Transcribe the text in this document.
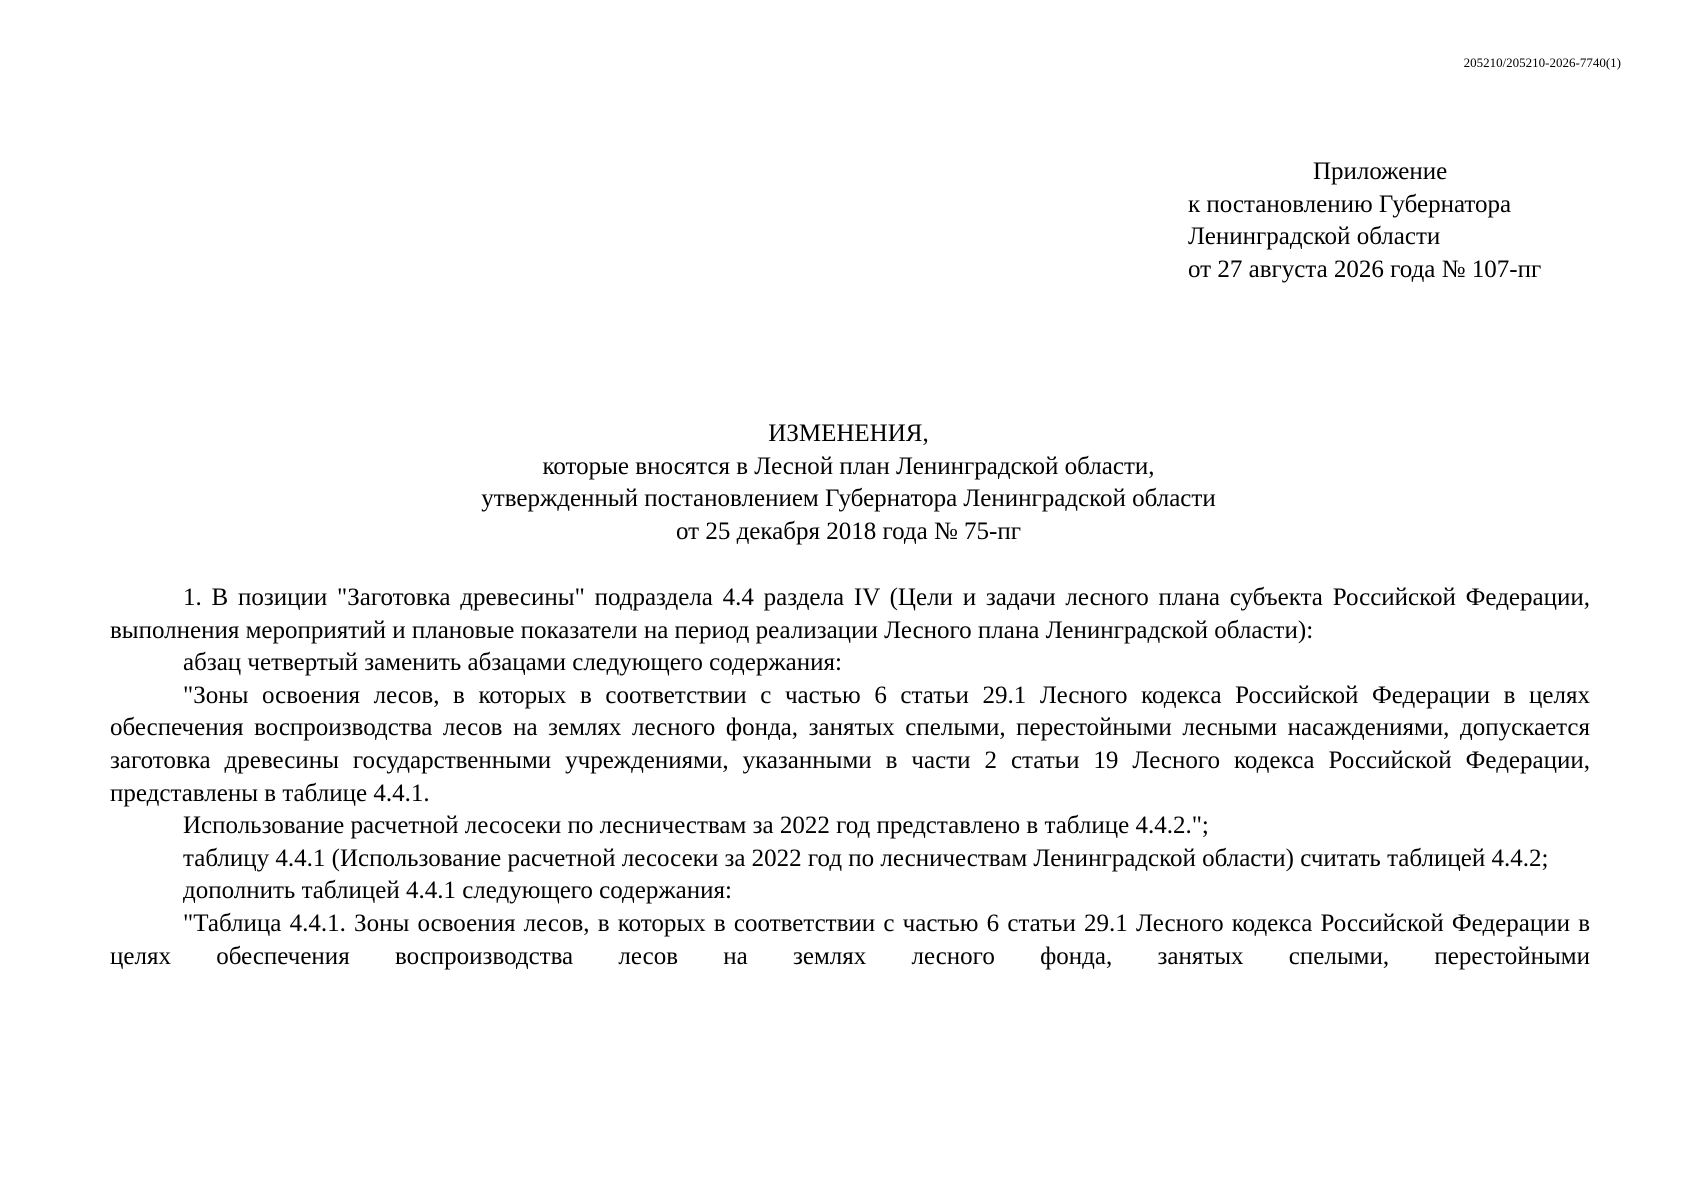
205210/205210-2026-7740(1)
Приложение
к постановлению Губернатора
Ленинградской области
от 27 августа 2026 года № 107-пг
ИЗМЕНЕНИЯ,
которые вносятся в Лесной план Ленинградской области,
утвержденный постановлением Губернатора Ленинградской области
от 25 декабря 2018 года № 75-пг

1. В позиции "Заготовка древесины" подраздела 4.4 раздела IV (Цели и задачи лесного плана субъекта Российской Федерации, выполнения мероприятий и плановые показатели на период реализации Лесного плана Ленинградской области):

абзац четвертый заменить абзацами следующего содержания:

"Зоны освоения лесов, в которых в соответствии с частью 6 статьи 29.1 Лесного кодекса Российской Федерации в целях обеспечения воспроизводства лесов на землях лесного фонда, занятых спелыми, перестойными лесными насаждениями, допускается заготовка древесины государственными учреждениями, указанными в части 2 статьи 19 Лесного кодекса Российской Федерации, представлены в таблице 4.4.1.

Использование расчетной лесосеки по лесничествам за 2022 год представлено в таблице 4.4.2.";

таблицу 4.4.1 (Использование расчетной лесосеки за 2022 год по лесничествам Ленинградской области) считать таблицей 4.4.2;

дополнить таблицей 4.4.1 следующего содержания:

"Таблица 4.4.1. Зоны освоения лесов, в которых в соответствии с частью 6 статьи 29.1 Лесного кодекса Российской Федерации в целях обеспечения воспроизводства лесов на землях лесного фонда, занятых спелыми, перестойными
